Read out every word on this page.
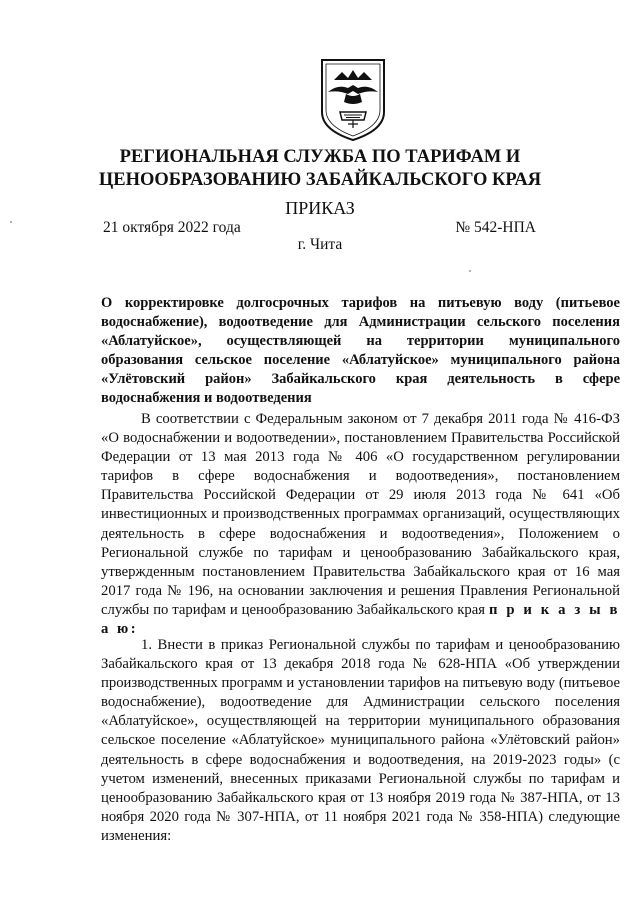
РЕГИОНАЛЬНАЯ СЛУЖБА ПО ТАРИФАМ И
ЦЕНООБРАЗОВАНИЮ ЗАБАЙКАЛЬСКОГО КРАЯ

ПРИКАЗ

21 октября 2022 года	№ 542-НПА
г. Чита

О корректировке долгосрочных тарифов на питьевую воду (питьевое водоснабжение), водоотведение для Администрации сельского поселения «Аблатуйское», осуществляющей на территории муниципального образования сельское поселение «Аблатуйское» муниципального района «Улётовский район» Забайкальского края деятельность в сфере водоснабжения и водоотведения

В соответствии с Федеральным законом от 7 декабря 2011 года № 416-ФЗ «О водоснабжении и водоотведении», постановлением Правительства Российской Федерации от 13 мая 2013 года № 406 «О государственном регулировании тарифов в сфере водоснабжения и водоотведения», постановлением Правительства Российской Федерации от 29 июля 2013 года № 641 «Об инвестиционных и производственных программах организаций, осуществляющих деятельность в сфере водоснабжения и водоотведения», Положением о Региональной службе по тарифам и ценообразованию Забайкальского края, утвержденным постановлением Правительства Забайкальского края от 16 мая 2017 года № 196, на основании заключения и решения Правления Региональной службы по тарифам и ценообразованию Забайкальского края п р и к а з ы в а ю:

1. Внести в приказ Региональной службы по тарифам и ценообразованию Забайкальского края от 13 декабря 2018 года № 628-НПА «Об утверждении производственных программ и установлении тарифов на питьевую воду (питьевое водоснабжение), водоотведение для Администрации сельского поселения «Аблатуйское», осуществляющей на территории муниципального образования сельское поселение «Аблатуйское» муниципального района «Улётовский район» деятельность в сфере водоснабжения и водоотведения, на 2019-2023 годы» (с учетом изменений, внесенных приказами Региональной службы по тарифам и ценообразованию Забайкальского края от 13 ноября 2019 года № 387-НПА, от 13 ноября 2020 года № 307-НПА, от 11 ноября 2021 года № 358-НПА) следующие изменения:
